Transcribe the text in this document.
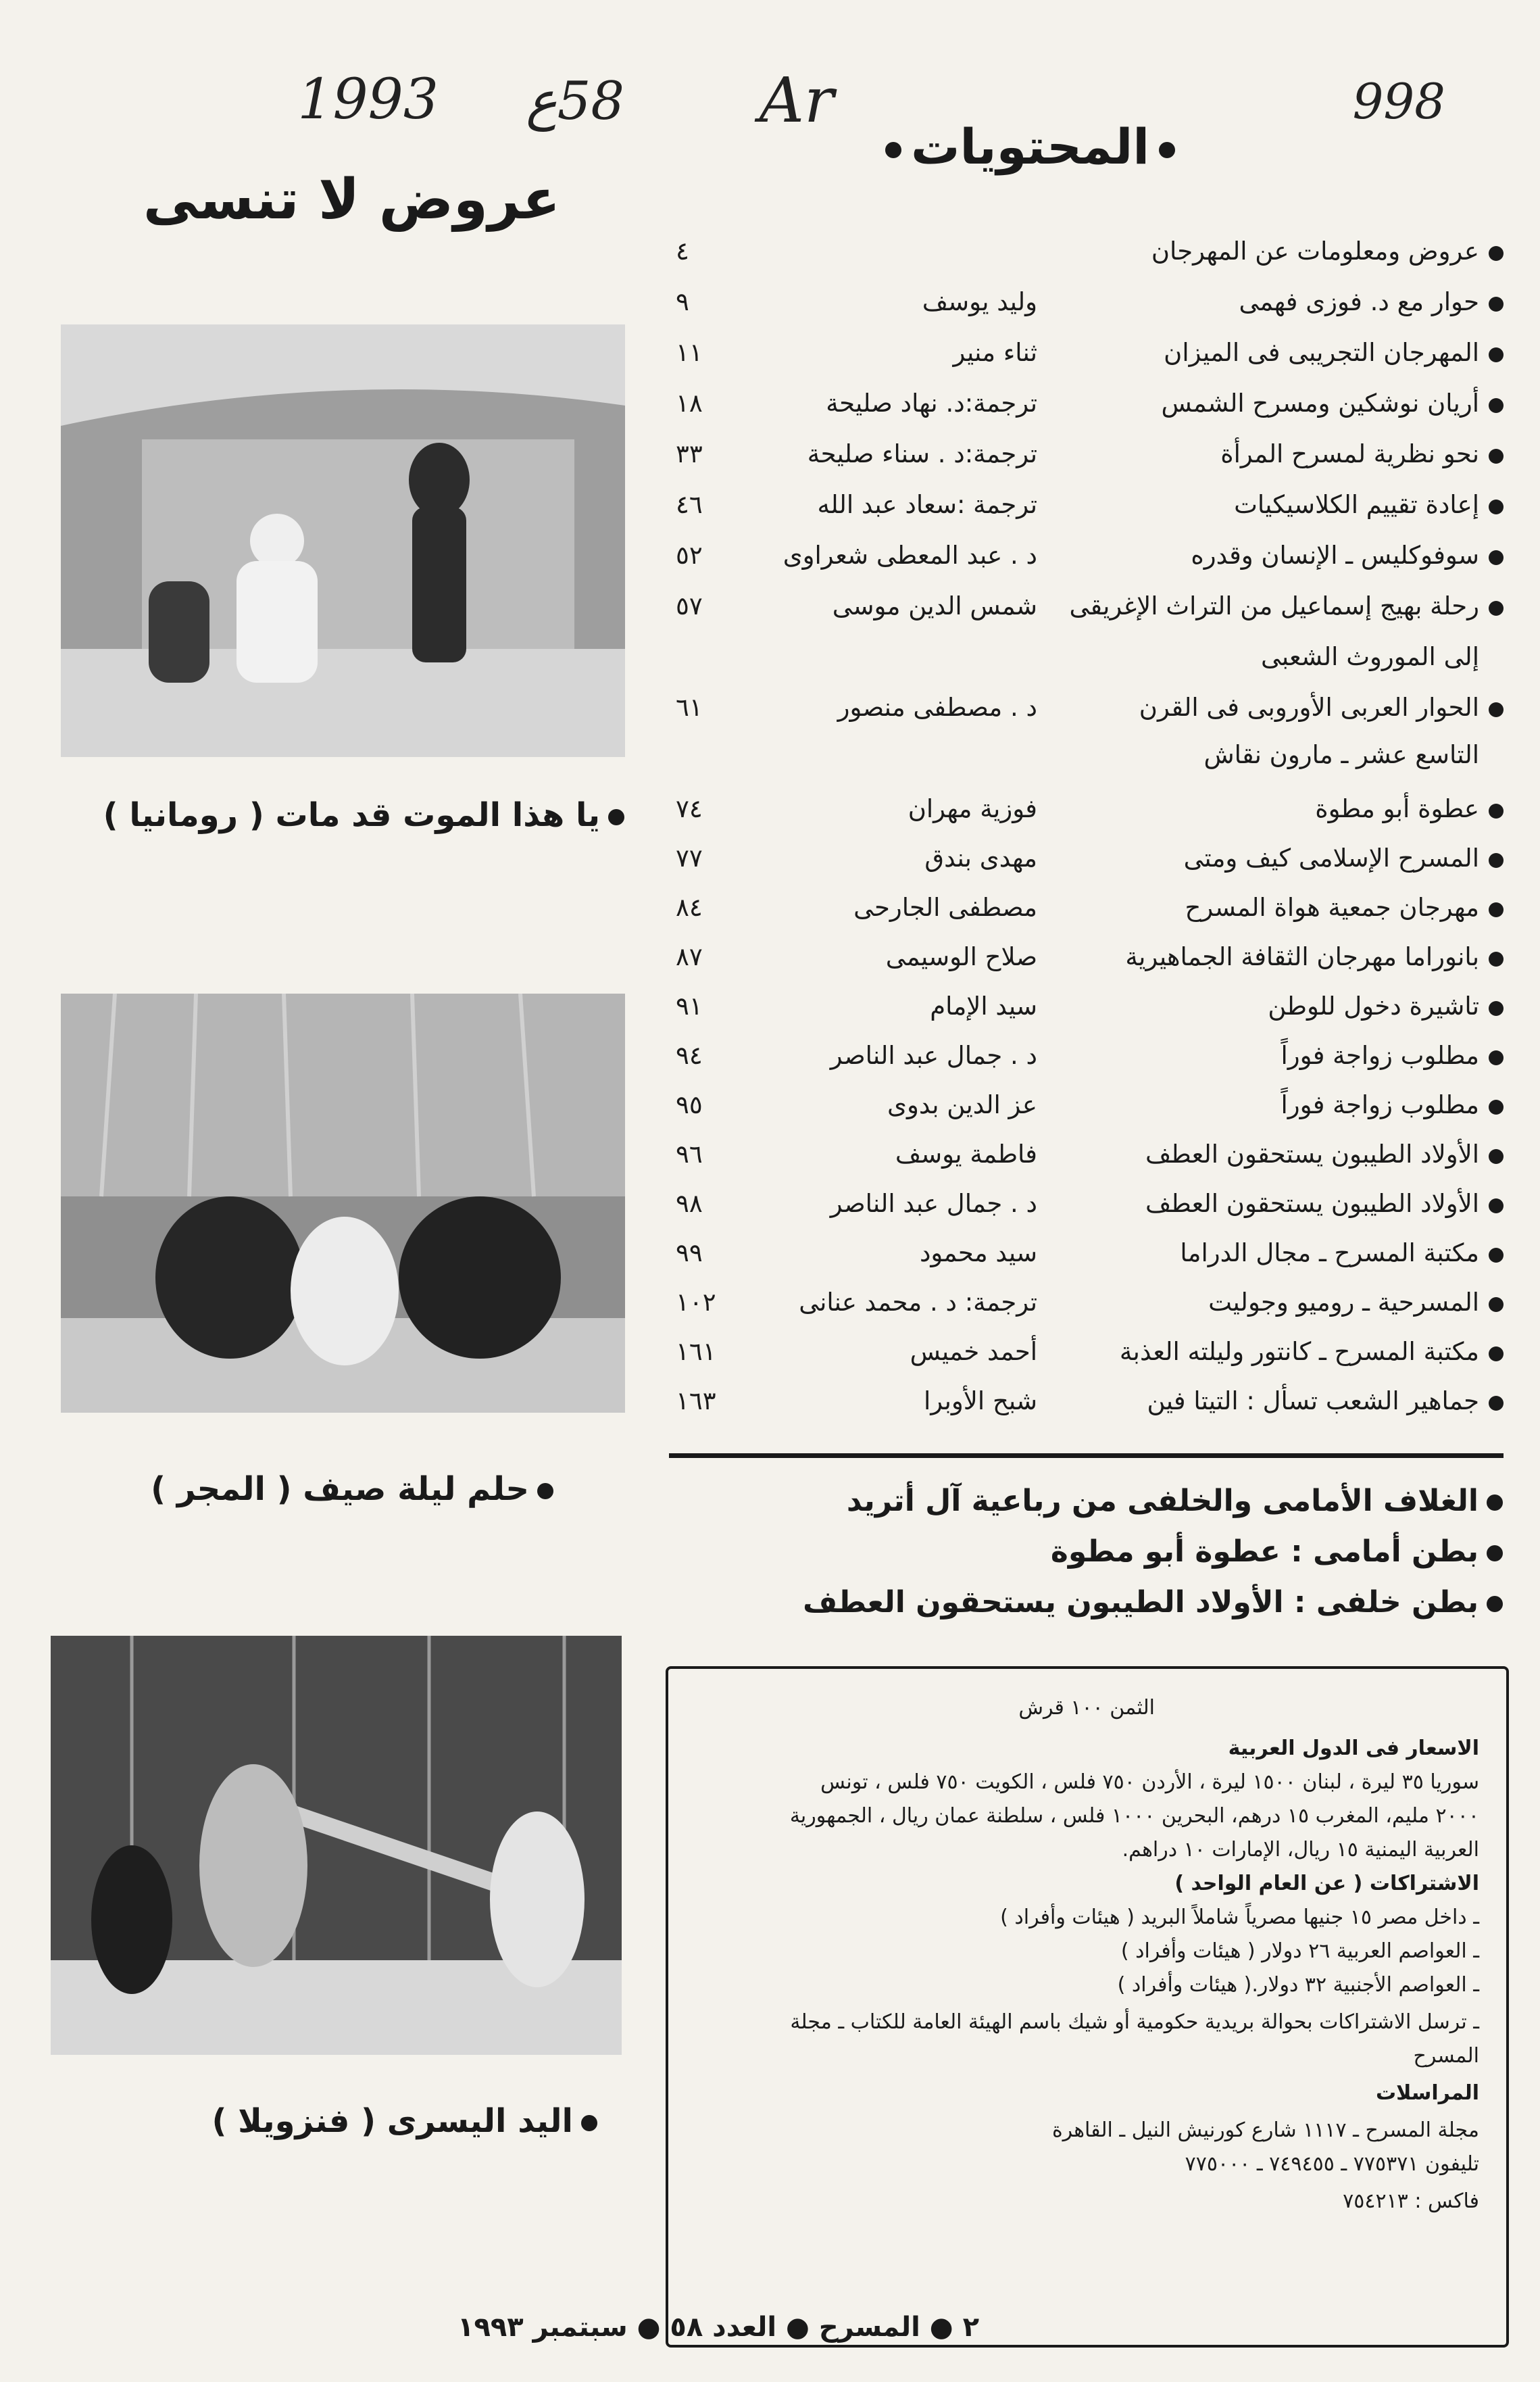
Ar
58ع
1993	998
المحتويات
عروض لا تنسى
عروض ومعلومات عن المهرجان
٤
حوار مع د. فوزى فهمى
وليد يوسف
٩
المهرجان التجريبى فى الميزان
ثناء منير
١١
أريان نوشكين ومسرح الشمس
ترجمة:د. نهاد صليحة
١٨
نحو نظرية لمسرح المرأة
ترجمة:د . سناء صليحة
٣٣
إعادة تقييم الكلاسيكيات
ترجمة :سعاد عبد الله
٤٦
سوفوكليس ـ الإنسان وقدره
د . عبد المعطى شعراوى
٥٢
رحلة بهيج إسماعيل من التراث الإغريقى
شمس الدين موسى
٥٧
إلى الموروث الشعبى
الحوار العربى الأوروبى فى القرن
د . مصطفى منصور
٦١
التاسع عشر ـ مارون نقاش
عطوة أبو مطوة
فوزية مهران
٧٤
المسرح الإسلامى كيف ومتى
مهدى بندق
٧٧
مهرجان جمعية هواة المسرح
مصطفى الجارحى
٨٤
بانوراما مهرجان الثقافة الجماهيرية
صلاح الوسيمى
٨٧
تاشيرة دخول للوطن
سيد الإمام
٩١
مطلوب زواجة فوراً
د . جمال عبد الناصر
٩٤
مطلوب زواجة فوراً
عز الدين بدوى
٩٥
الأولاد الطيبون يستحقون العطف
فاطمة يوسف
٩٦
الأولاد الطيبون يستحقون العطف
د . جمال عبد الناصر
٩٨
مكتبة المسرح ـ مجال الدراما
سيد محمود
٩٩
المسرحية ـ روميو وجوليت
ترجمة: د . محمد عنانى
١٠٢
مكتبة المسرح ـ كانتور وليلته العذبة
أحمد خميس
١٦١
جماهير الشعب تسأل : التيتا فين
شبح الأوبرا
١٦٣
الغلاف الأمامى والخلفى من رباعية آل أتريد
بطن أمامى : عطوة أبو مطوة
بطن خلفى : الأولاد الطيبون يستحقون العطف
يا هذا الموت قد مات ( رومانيا )
حلم ليلة صيف ( المجر )
اليد اليسرى ( فنزويلا )
الثمن ١٠٠ قرش
الاسعار فى الدول العربية
سوريا ٣٥ ليرة ، لبنان ١٥٠٠ ليرة ، الأردن ٧٥٠ فلس ، الكويت ٧٥٠ فلس ، تونس
٢٠٠٠ مليم، المغرب ١٥ درهم، البحرين ١٠٠٠ فلس ، سلطنة عمان ريال ، الجمهورية
العربية اليمنية ١٥ ريال، الإمارات ١٠ دراهم.
الاشتراكات ( عن العام الواحد )
ـ داخل مصر ١٥ جنيها مصرياً شاملاً البريد ( هيئات وأفراد )
ـ العواصم العربية ٢٦ دولار ( هيئات وأفراد )
ـ العواصم الأجنبية ٣٢ دولار.( هيئات وأفراد )
ـ ترسل الاشتراكات بحوالة بريدية حكومية أو شيك باسم الهيئة العامة للكتاب ـ مجلة
المسرح
المراسلات
مجلة المسرح ـ ١١١٧ شارع كورنيش النيل ـ القاهرة
تليفون ٧٧٥٣٧١ ـ ٧٤٩٤٥٥ ـ ٧٧٥٠٠٠
فاكس : ٧٥٤٢١٣
٢ ● المسرح ● العدد ٥٨ ● سبتمبر ١٩٩٣
